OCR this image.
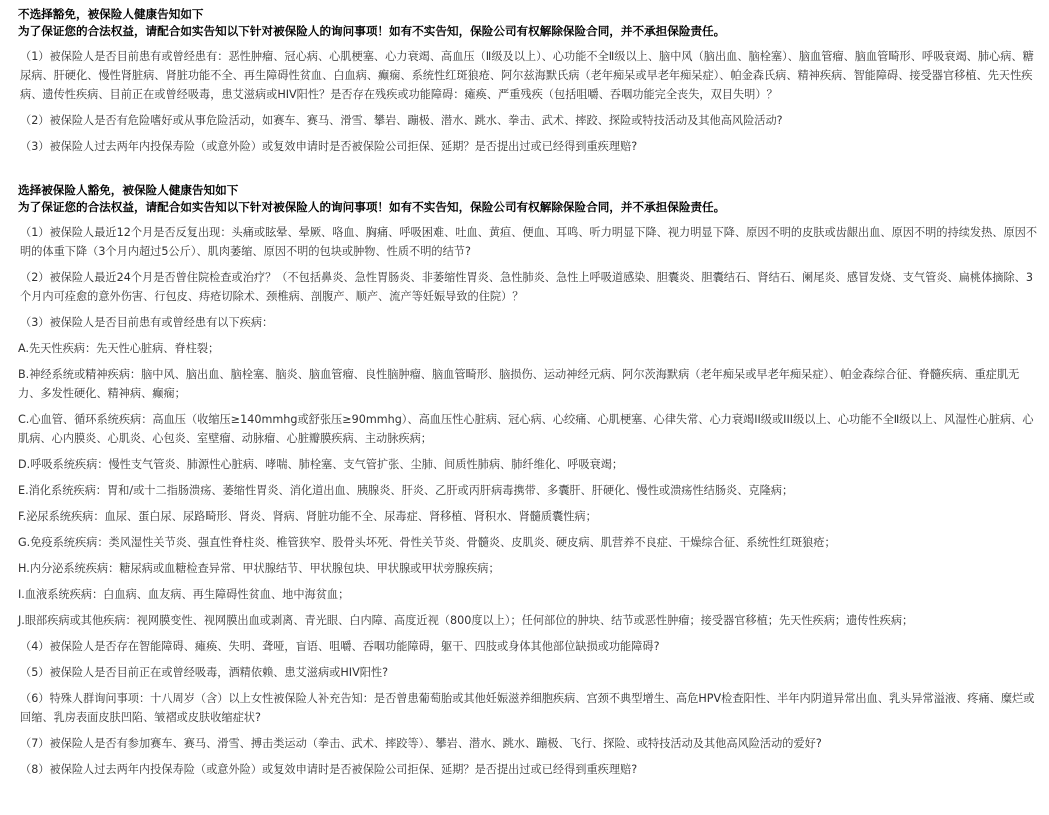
不选择豁免，被保险人健康告知如下
为了保证您的合法权益，请配合如实告知以下针对被保险人的询问事项！如有不实告知，保险公司有权解除保险合同，并不承担保险责任。
（1）被保险人是否目前患有或曾经患有：恶性肿瘤、冠心病、心肌梗塞、心力衰竭、高血压（Ⅱ级及以上）、心功能不全Ⅱ级以上、脑中风（脑出血、脑栓塞）、脑血管瘤、脑血管畸形、呼吸衰竭、肺心病、糖尿病、肝硬化、慢性肾脏病、肾脏功能不全、再生障碍性贫血、白血病、癫痫、系统性红斑狼疮、阿尔兹海默氏病（老年痴呆或早老年痴呆症）、帕金森氏病、精神疾病、智能障碍、接受器官移植、先天性疾病、遗传性疾病、目前正在或曾经吸毒，患艾滋病或HIV阳性？是否存在残疾或功能障碍：瘫痪、严重残疾（包括咀嚼、吞咽功能完全丧失，双目失明）？
（2）被保险人是否有危险嗜好或从事危险活动，如赛车、赛马、滑雪、攀岩、蹦极、潜水、跳水、拳击、武术、摔跤、探险或特技活动及其他高风险活动?
（3）被保险人过去两年内投保寿险（或意外险）或复效申请时是否被保险公司拒保、延期？是否提出过或已经得到重疾理赔?
选择被保险人豁免，被保险人健康告知如下
为了保证您的合法权益，请配合如实告知以下针对被保险人的询问事项！如有不实告知，保险公司有权解除保险合同，并不承担保险责任。
（1）被保险人最近12个月是否反复出现：头痛或眩晕、晕厥、咯血、胸痛、呼吸困难、吐血、黄疸、便血、耳鸣、听力明显下降、视力明显下降、原因不明的皮肤或齿龈出血、原因不明的持续发热、原因不明的体重下降（3个月内超过5公斤）、肌肉萎缩、原因不明的包块或肿物、性质不明的结节?
（2）被保险人最近24个月是否曾住院检查或治疗？（不包括鼻炎、急性胃肠炎、非萎缩性胃炎、急性肺炎、急性上呼吸道感染、胆囊炎、胆囊结石、肾结石、阑尾炎、感冒发烧、支气管炎、扁桃体摘除、3个月内可痊愈的意外伤害、行包皮、痔疮切除术、颈椎病、剖腹产、顺产、流产等妊娠导致的住院）？
（3）被保险人是否目前患有或曾经患有以下疾病：
A.先天性疾病：先天性心脏病、脊柱裂；
B.神经系统或精神疾病：脑中风、脑出血、脑栓塞、脑炎、脑血管瘤、良性脑肿瘤、脑血管畸形、脑损伤、运动神经元病、阿尔茨海默病（老年痴呆或早老年痴呆症）、帕金森综合征、脊髓疾病、重症肌无力、多发性硬化、精神病、癫痫；
C.心血管、循环系统疾病：高血压（收缩压≥140mmhg或舒张压≥90mmhg）、高血压性心脏病、冠心病、心绞痛、心肌梗塞、心律失常、心力衰竭II级或III级以上、心功能不全Ⅱ级以上、风湿性心脏病、心肌病、心内膜炎、心肌炎、心包炎、室壁瘤、动脉瘤、心脏瓣膜疾病、主动脉疾病；
D.呼吸系统疾病：慢性支气管炎、肺源性心脏病、哮喘、肺栓塞、支气管扩张、尘肺、间质性肺病、肺纤维化、呼吸衰竭；
E.消化系统疾病：胃和/或十二指肠溃疡、萎缩性胃炎、消化道出血、胰腺炎、肝炎、乙肝或丙肝病毒携带、多囊肝、肝硬化、慢性或溃疡性结肠炎、克隆病；
F.泌尿系统疾病：血尿、蛋白尿、尿路畸形、肾炎、肾病、肾脏功能不全、尿毒症、肾移植、肾积水、肾髓质囊性病；
G.免疫系统疾病：类风湿性关节炎、强直性脊柱炎、椎管狭窄、股骨头坏死、骨性关节炎、骨髓炎、皮肌炎、硬皮病、肌营养不良症、干燥综合征、系统性红斑狼疮；
H.内分泌系统疾病：糖尿病或血糖检查异常、甲状腺结节、甲状腺包块、甲状腺或甲状旁腺疾病；
I.血液系统疾病：白血病、血友病、再生障碍性贫血、地中海贫血；
J.眼部疾病或其他疾病：视网膜变性、视网膜出血或剥离、青光眼、白内障、高度近视（800度以上）；任何部位的肿块、结节或恶性肿瘤；接受器官移植；先天性疾病；遗传性疾病；
（4）被保险人是否存在智能障碍、瘫痪、失明、聋哑，盲语、咀嚼、吞咽功能障碍，躯干、四肢或身体其他部位缺损或功能障碍?
（5）被保险人是否目前正在或曾经吸毒，酒精依赖、患艾滋病或HIV阳性?
（6）特殊人群询问事项：十八周岁（含）以上女性被保险人补充告知：是否曾患葡萄胎或其他妊娠滋养细胞疾病、宫颈不典型增生、高危HPV检查阳性、半年内阴道异常出血、乳头异常溢液、疼痛、糜烂或回缩、乳房表面皮肤凹陷、皱褶或皮肤收缩症状?
（7）被保险人是否有参加赛车、赛马、滑雪、搏击类运动（拳击、武术、摔跤等）、攀岩、潜水、跳水、蹦极、飞行、探险、或特技活动及其他高风险活动的爱好?
（8）被保险人过去两年内投保寿险（或意外险）或复效申请时是否被保险公司拒保、延期？是否提出过或已经得到重疾理赔?
